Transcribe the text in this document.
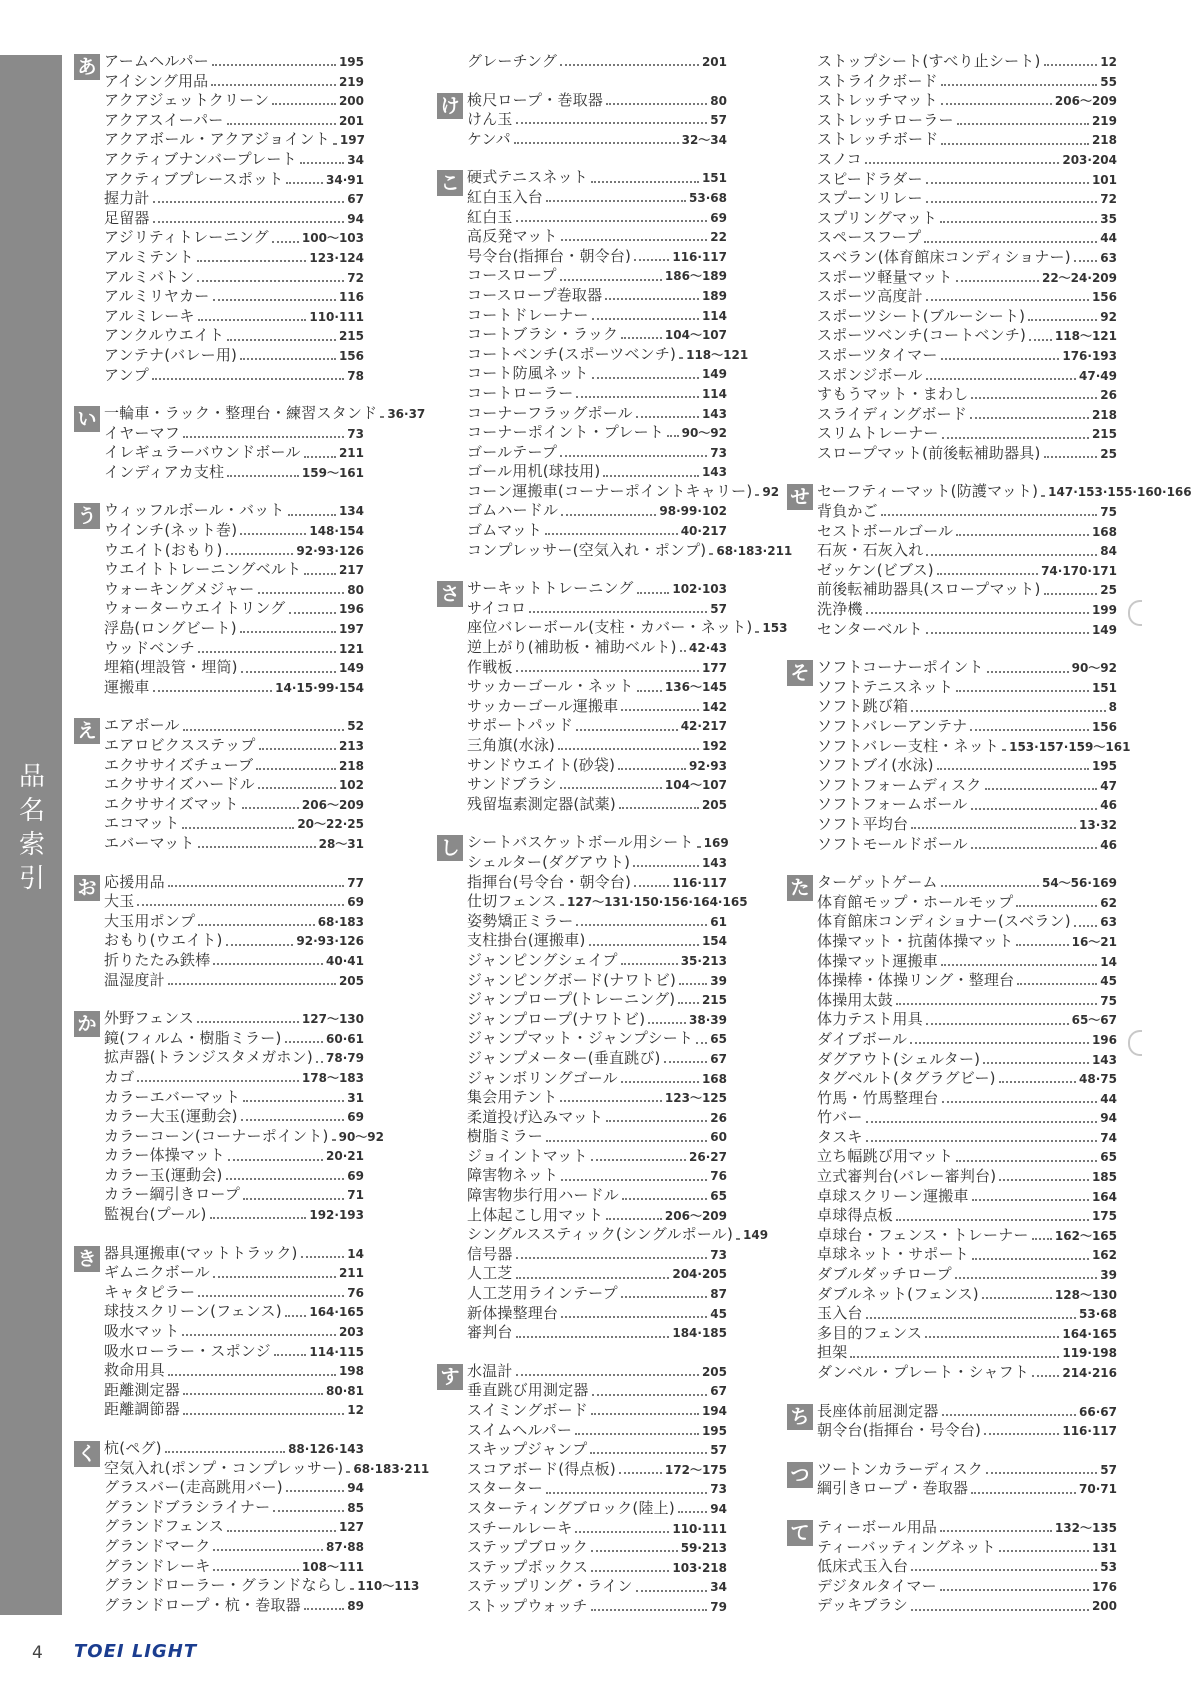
品
名
索
引
あ アームヘルパー	195
アイシング用品	219
アクアジェットクリーン	200
アクアスイーパー	201
アクアボール・アクアジョイント 197
アクティブナンバープレート	34
アクティブプレースポット	34·91
握力計	67
足留器	94
アジリティトレーニング	100〜103
アルミテント	123·124
アルミバトン	72
アルミリヤカー	116
アルミレーキ	110·111
アンクルウエイト	215
アンテナ(バレー用)	156
アンプ	78
い 一輪車・ラック・整理台・練習スタンド 36·37
イヤーマフ	73
イレギュラーバウンドボール	211
インディアカ支柱	159〜161
う ウィッフルボール・バット	134
ウインチ(ネット巻)	148·154
ウエイト(おもり)	92·93·126
ウエイトトレーニングベルト	217
ウォーキングメジャー	80
ウォーターウエイトリング	196
浮島(ロングビート)	197
ウッドベンチ	121
埋箱(埋設管・埋筒)	149
運搬車	14·15·99·154
え エアボール	52
エアロビクスステップ	213
エクササイズチューブ	218
エクササイズハードル	102
エクササイズマット	206〜209
エコマット	20〜22·25
エバーマット	28〜31
お 応援用品	77
大玉	69
大玉用ポンプ	68·183
おもり(ウエイト)	92·93·126
折りたたみ鉄棒	40·41
温湿度計	205
か 外野フェンス	127〜130
鏡(フィルム・樹脂ミラー)	60·61
拡声器(トランジスタメガホン) 78·79
カゴ	178〜183
カラーエバーマット	31
カラー大玉(運動会)	69
カラーコーン(コーナーポイント) 90〜92
カラー体操マット	20·21
カラー玉(運動会)	69
カラー綱引きロープ	71
監視台(プール)	192·193
き 器具運搬車(マットトラック)	14
ギムニクボール	211
キャタピラー	76
球技スクリーン(フェンス) 164·165
吸水マット	203
吸水ローラー・スポンジ	114·115
救命用具	198
距離測定器	80·81
距離調節器	12
く 杭(ペグ)	88·126·143
空気入れ(ポンプ・コンプレッサー) 68·183·211
グラスバー(走高跳用バー)	94
グランドブラシライナー	85
グランドフェンス	127
グランドマーク	87·88
グランドレーキ	108〜111
グランドローラー・グランドならし 110〜113
グランドロープ・杭・巻取器	89
グレーチング	201
け 検尺ロープ・巻取器	80
けん玉	57
ケンパ	32〜34
こ 硬式テニスネット	151
紅白玉入台	53·68
紅白玉	69
高反発マット	22
号令台(指揮台・朝令台)	116·117
コースロープ	186〜189
コースロープ巻取器	189
コートドレーナー	114
コートブラシ・ラック	104〜107
コートベンチ(スポーツベンチ) 118〜121
コート防風ネット	149
コートローラー	114
コーナーフラッグポール	143
コーナーポイント・プレート 90〜92
ゴールテープ	73
ゴール用机(球技用)	143
コーン運搬車(コーナーポイントキャリー) 92
ゴムハードル	98·99·102
ゴムマット	40·217
コンプレッサー(空気入れ・ポンプ) 68·183·211
さ サーキットトレーニング	102·103
サイコロ	57
座位バレーボール(支柱・カバー・ネット) 153
逆上がり(補助板・補助ベルト) 42·43
作戦板	177
サッカーゴール・ネット	136〜145
サッカーゴール運搬車	142
サポートパッド	42·217
三角旗(水泳)	192
サンドウエイト(砂袋)	92·93
サンドブラシ	104〜107
残留塩素測定器(試薬)	205
し シートバスケットボール用シート 169
シェルター(ダグアウト)	143
指揮台(号令台・朝令台)	116·117
仕切フェンス 127〜131·150·156·164·165
姿勢矯正ミラー	61
支柱掛台(運搬車)	154
ジャンピングシェイプ	35·213
ジャンピングボード(ナワトビ)	39
ジャンプロープ(トレーニング) 215
ジャンプロープ(ナワトビ)	38·39
ジャンプマット・ジャンプシート 65
ジャンプメーター(垂直跳び)	67
ジャンボリングゴール	168
集会用テント	123〜125
柔道投げ込みマット	26
樹脂ミラー	60
ジョイントマット	26·27
障害物ネット	76
障害物歩行用ハードル	65
上体起こし用マット	206〜209
シングルススティック(シングルポール) 149
信号器	73
人工芝	204·205
人工芝用ラインテープ	87
新体操整理台	45
審判台	184·185
す 水温計	205
垂直跳び用測定器	67
スイミングボード	194
スイムヘルパー	195
スキップジャンプ	57
スコアボード(得点板)	172〜175
スターター	73
スターティングブロック(陸上)	94
スチールレーキ	110·111
ステップブロック	59·213
ステップボックス	103·218
ステップリング・ライン	34
ストップウォッチ	79
ストップシート(すべり止シート)	12
ストライクボード	55
ストレッチマット	206〜209
ストレッチローラー	219
ストレッチボード	218
スノコ	203·204
スピードラダー	101
スプーンリレー	72
スプリングマット	35
スペースフープ	44
スベラン(体育館床コンディショナー) 63
スポーツ軽量マット	22〜24·209
スポーツ高度計	156
スポーツシート(ブルーシート)	92
スポーツベンチ(コートベンチ) 118〜121
スポーツタイマー	176·193
スポンジボール	47·49
すもうマット・まわし	26
スライディングボード	218
スリムトレーナー	215
スロープマット(前後転補助器具)	25
せ セーフティーマット(防護マット) 147·153·155·160·166
背負かご	75
セストボールゴール	168
石灰・石灰入れ	84
ゼッケン(ビブス)	74·170·171
前後転補助器具(スロープマット)	25
洗浄機	199
センターベルト	149
そ ソフトコーナーポイント	90〜92
ソフトテニスネット	151
ソフト跳び箱	8
ソフトバレーアンテナ	156
ソフトバレー支柱・ネット 153·157·159〜161
ソフトブイ(水泳)	195
ソフトフォームディスク	47
ソフトフォームボール	46
ソフト平均台	13·32
ソフトモールドボール	46
た ターゲットゲーム	54〜56·169
体育館モップ・ホールモップ	62
体育館床コンディショナー(スベラン) 63
体操マット・抗菌体操マット	16〜21
体操マット運搬車	14
体操棒・体操リング・整理台	45
体操用太鼓	75
体力テスト用具	65〜67
ダイブボール	196
ダグアウト(シェルター)	143
タグベルト(タグラグビー)	48·75
竹馬・竹馬整理台	44
竹バー	94
タスキ	74
立ち幅跳び用マット	65
立式審判台(バレー審判台)	185
卓球スクリーン運搬車	164
卓球得点板	175
卓球台・フェンス・トレーナー 162〜165
卓球ネット・サポート	162
ダブルダッチロープ	39
ダブルネット(フェンス)	128〜130
玉入台	53·68
多目的フェンス	164·165
担架	119·198
ダンベル・プレート・シャフト	214·216
ち 長座体前屈測定器	66·67
朝令台(指揮台・号令台)	116·117
つ ツートンカラーディスク	57
綱引きロープ・巻取器	70·71
て ティーボール用品	132〜135
ティーバッティングネット	131
低床式玉入台	53
デジタルタイマー	176
デッキブラシ	200
4 TOEI LIGHT
